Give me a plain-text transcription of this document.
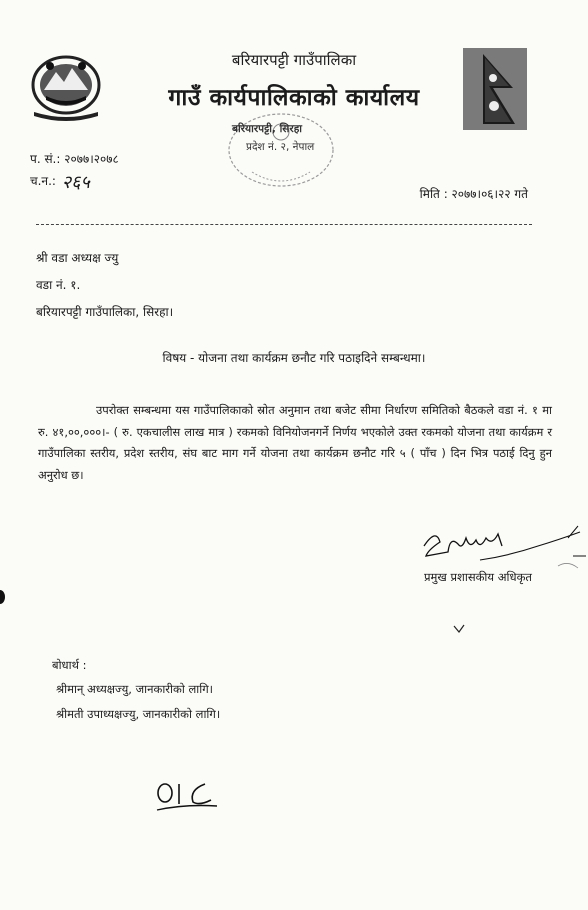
बरियारपट्टी गाउँपालिका
गाउँ कार्यपालिकाको कार्यालय
बरियारपट्टी, सिरहा
प्रदेश नं. २, नेपाल
प. सं.: २०७७।२०७८
च.न.: २६५
मिति : २०७७।०६।२२ गते
श्री वडा अध्यक्ष ज्यु
वडा नं. १.
बरियारपट्टी गाउँपालिका, सिरहा।
विषय - योजना तथा कार्यक्रम छनौट गरि पठाइदिने सम्बन्धमा।
उपरोक्त सम्बन्धमा यस गाउँपालिकाको स्रोत अनुमान तथा बजेट सीमा निर्धारण समितिको बैठकले वडा नं. १ मा रु. ४१,००,०००।- ( रु. एकचालीस लाख मात्र ) रकमको विनियोजनगर्ने निर्णय भएकोले उक्त रकमको योजना तथा कार्यक्रम र गाउँपालिका स्तरीय, प्रदेश स्तरीय, संघ बाट माग गर्ने योजना तथा कार्यक्रम छनौट गरि ५ ( पाँच ) दिन भित्र पठाई दिनु हुन अनुरोध छ।
प्रमुख प्रशासकीय अधिकृत
बोधार्थ :
श्रीमान् अध्यक्षज्यु, जानकारीको लागि।
श्रीमती उपाध्यक्षज्यु, जानकारीको लागि।
